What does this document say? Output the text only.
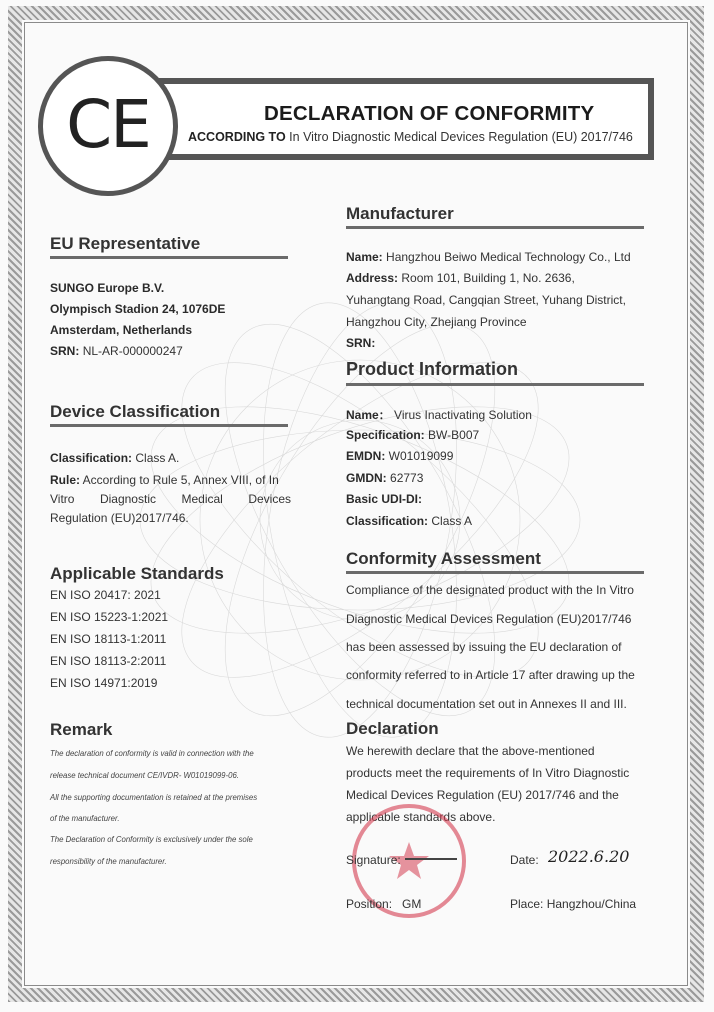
CE	DECLARATION OF CONFORMITY
ACCORDING TO In Vitro Diagnostic Medical Devices Regulation (EU) 2017/746
EU Representative
SUNGO Europe B.V.
Olympisch Stadion 24, 1076DE
Amsterdam, Netherlands
SRN: NL-AR-000000247
Device Classification
Classification: Class A.
Rule: According to Rule 5, Annex VIII, of In
Vitro Diagnostic Medical Devices
Regulation (EU)2017/746.
Applicable Standards
EN ISO 20417: 2021
EN ISO 15223-1:2021
EN ISO 18113-1:2011
EN ISO 18113-2:2011
EN ISO 14971:2019
Remark
The declaration of conformity is valid in connection with the
release technical document CE/IVDR- W01019099-06.
All the supporting documentation is retained at the premises
of the manufacturer.
The Declaration of Conformity is exclusively under the sole
responsibility of the manufacturer.
Manufacturer
Name: Hangzhou Beiwo Medical Technology Co., Ltd
Address: Room 101, Building 1, No. 2636,
Yuhangtang Road, Cangqian Street, Yuhang District,
Hangzhou City, Zhejiang Province
SRN:
Product Information
Name： Virus Inactivating Solution
Specification: BW-B007
EMDN: W01019099
GMDN: 62773
Basic UDI-DI:
Classification: Class A
Conformity Assessment
Compliance of the designated product with the In Vitro
Diagnostic Medical Devices Regulation (EU)2017/746
has been assessed by issuing the EU declaration of
conformity referred to in Article 17 after drawing up the
technical documentation set out in Annexes II and III.
Declaration
We herewith declare that the above-mentioned
products meet the requirements of In Vitro Diagnostic
Medical Devices Regulation (EU) 2017/746 and the
applicable standards above.
Signature:	Date: 2022.6.20
Position: GM	Place: Hangzhou/China
